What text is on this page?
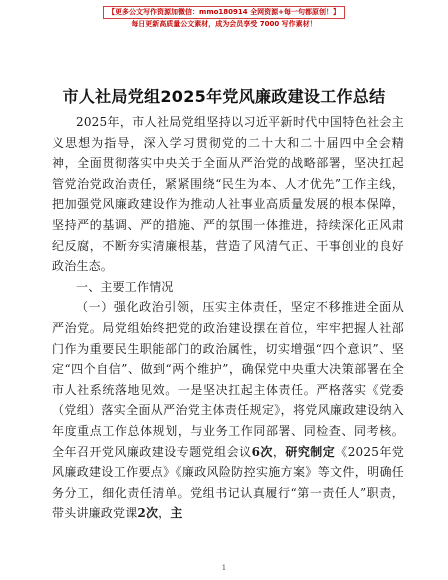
【更多公文写作资源加微信：mmo180914 全网资源+每一句都原创！】
每日更新高质量公文素材，成为会员享受 7000 写作素材！
市人社局党组2025年党风廉政建设工作总结

2025年，市人社局党组坚持以习近平新时代中国特色社会主义思想为指导，深入学习贯彻党的二十大和二十届四中全会精神，全面贯彻落实中央关于全面从严治党的战略部署，坚决扛起管党治党政治责任，紧紧围绕“民生为本、人才优先”工作主线，把加强党风廉政建设作为推动人社事业高质量发展的根本保障，坚持严的基调、严的措施、严的氛围一体推进，持续深化正风肃纪反腐，不断夯实清廉根基，营造了风清气正、干事创业的良好政治生态。

一、主要工作情况

（一）强化政治引领，压实主体责任，坚定不移推进全面从严治党。局党组始终把党的政治建设摆在首位，牢牢把握人社部门作为重要民生职能部门的政治属性，切实增强“四个意识”、坚定“四个自信”、做到“两个维护”，确保党中央重大决策部署在全市人社系统落地见效。一是坚决扛起主体责任。严格落实《党委（党组）落实全面从严治党主体责任规定》，将党风廉政建设纳入年度重点工作总体规划，与业务工作同部署、同检查、同考核。全年召开党风廉政建设专题党组会议6次，研究制定《2025年党风廉政建设工作要点》《廉政风险防控实施方案》等文件，明确任务分工，细化责任清单。党组书记认真履行“第一责任人”职责，带头讲廉政党课2次，主

1
